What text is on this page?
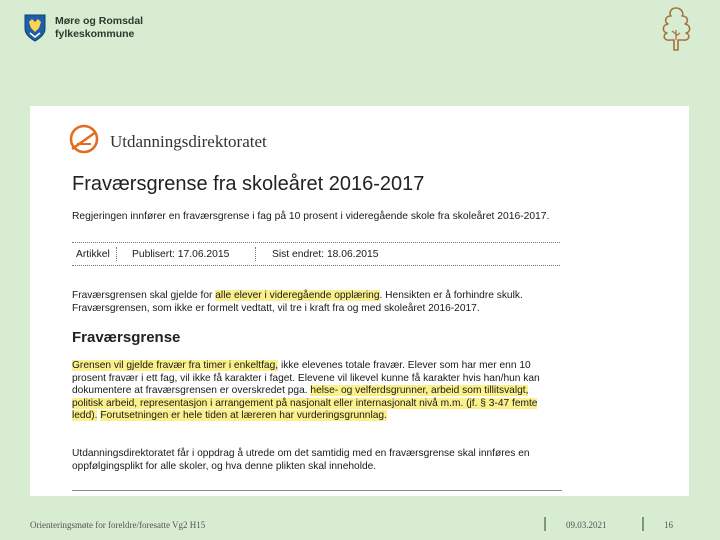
Møre og Romsdal
fylkeskommune
Utdanningsdirektoratet
Fraværsgrense fra skoleåret 2016-2017

Regjeringen innfører en fraværsgrense i fag på 10 prosent i videregående skole fra skoleåret 2016-2017.

Artikkel Publisert: 17.06.2015	Sist endret: 18.06.2015

Fraværsgrensen skal gjelde for alle elever i videregående opplæring. Hensikten er å forhindre skulk. Fraværsgrensen, som ikke er formelt vedtatt, vil tre i kraft fra og med skoleåret 2016-2017.

Fraværsgrense

Grensen vil gjelde fravær fra timer i enkeltfag, ikke elevenes totale fravær. Elever som har mer enn 10 prosent fravær i ett fag, vil ikke få karakter i faget. Elevene vil likevel kunne få karakter hvis han/hun kan dokumentere at fraværsgrensen er overskredet pga. helse- og velferdsgrunner, arbeid som tillitsvalgt, politisk arbeid, representasjon i arrangement på nasjonalt eller internasjonalt nivå m.m. (jf. § 3-47 femte ledd). Forutsetningen er hele tiden at læreren har vurderingsgrunnlag.

Utdanningsdirektoratet får i oppdrag å utrede om det samtidig med en fraværsgrense skal innføres en oppfølgingsplikt for alle skoler, og hva denne plikten skal inneholde.

Orienteringsmøte for foreldre/foresatte Vg2 H15	09.03.2021	16
